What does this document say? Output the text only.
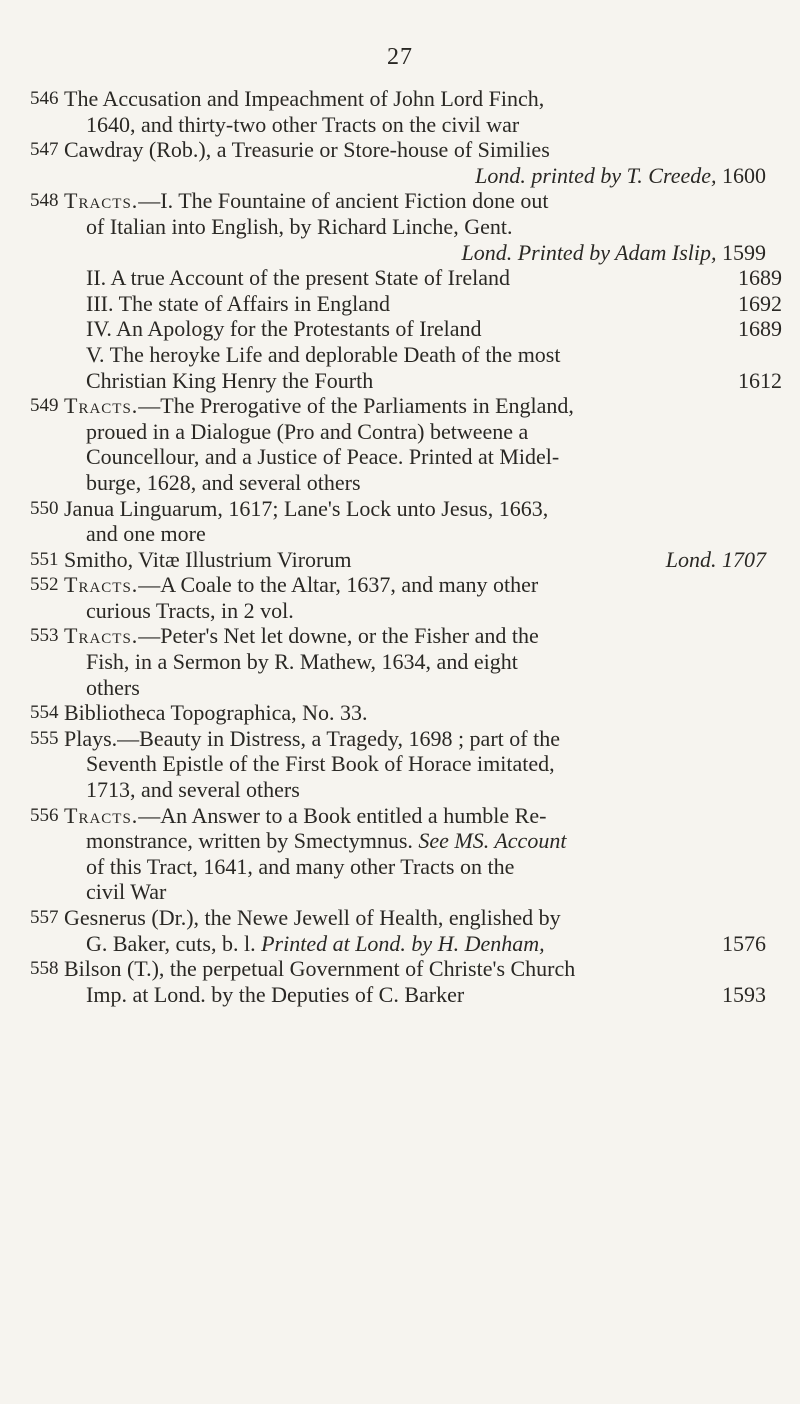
27
546 The Accusation and Impeachment of John Lord Finch,
1640, and thirty-two other Tracts on the civil war
547 Cawdray (Rob.), a Treasurie or Store-house of Similies
Lond. printed by T. Creede, 1600
548 Tracts.—I. The Fountaine of ancient Fiction done out
of Italian into English, by Richard Linche, Gent.
Lond. Printed by Adam Islip, 1599
II. A true Account of the present State of Ireland	1689
III. The state of Affairs in England	1692
IV. An Apology for the Protestants of Ireland	1689
V. The heroyke Life and deplorable Death of the most
Christian King Henry the Fourth	1612
549 Tracts.—The Prerogative of the Parliaments in England,
proued in a Dialogue (Pro and Contra) betweene a
Councellour, and a Justice of Peace. Printed at Midel-
burge, 1628, and several others
550 Janua Linguarum, 1617; Lane's Lock unto Jesus, 1663,
and one more
551 Smitho, Vitæ Illustrium Virorum	Lond. 1707
552 Tracts.—A Coale to the Altar, 1637, and many other
curious Tracts, in 2 vol.
553 Tracts.—Peter's Net let downe, or the Fisher and the
Fish, in a Sermon by R. Mathew, 1634, and eight
others
554 Bibliotheca Topographica, No. 33.
555 Plays.—Beauty in Distress, a Tragedy, 1698 ; part of the
Seventh Epistle of the First Book of Horace imitated,
1713, and several others
556 Tracts.—An Answer to a Book entitled a humble Re-
monstrance, written by Smectymnus. See MS. Account
of this Tract, 1641, and many other Tracts on the
civil War
557 Gesnerus (Dr.), the Newe Jewell of Health, englished by
G. Baker, cuts, b. l. Printed at Lond. by H. Denham,	1576
558 Bilson (T.), the perpetual Government of Christe's Church
Imp. at Lond. by the Deputies of C. Barker	1593
